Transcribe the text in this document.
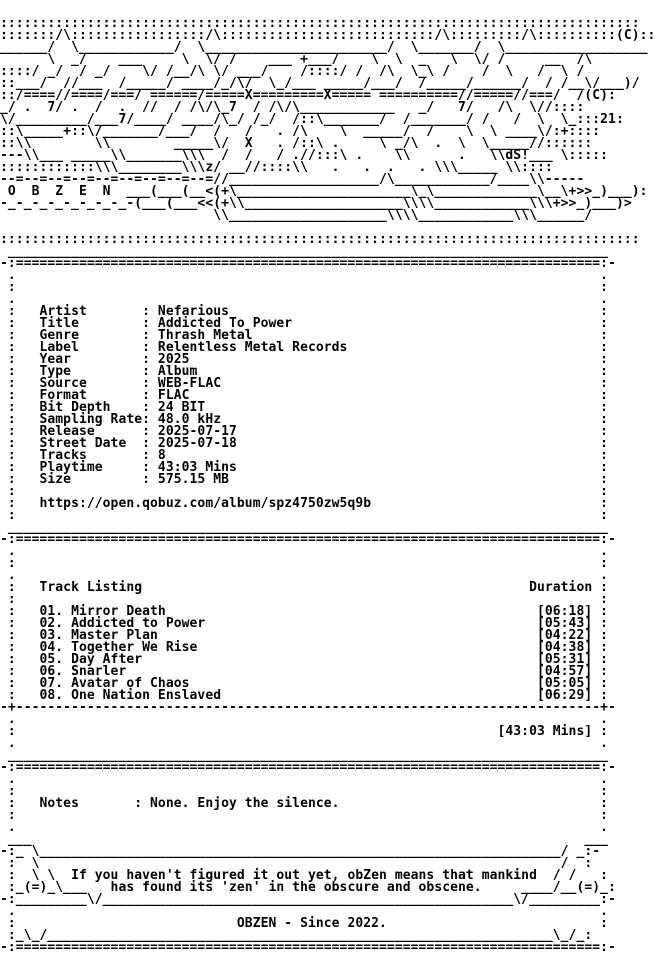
:::::::::::::::::::::::::::::::::::::::::::::::::::::::::::::::::::::::::::::::::
:::::::/\:::::::::::::::::/\:::::::::::::::::::::::::::/\:::::::::/\::::::::::(C)::
______/  \____________/  \_______________________/  \_______/  \__________________
\  _/    ___     \  \/ /    ___ +___/    \  \  _   \  \/ /     __  /\
::::/ _/  / _/    \/ /__/\ \/ ___/    /::::/ /  /\  \_\ /    /  \   /  \ /
::___/  //___  /_____/ ____/_/\/  \_/___ _____/___/  /_____/______/  / /__\/___)/
::/====//====/===/ ======/=====X=========X===== ==========//=====//===/  /(C):
_/ .  7/ .  /  .  //  / /\/\_7  / /\/\____________   _/   7/   /\  \//::::
\/_________/___7/____/ ____/\_/ /_/  /::\_______/  /_______/ /   /  \  \_:::21:
::\_____+::\/_______/___/  /   /   . /\    \  _____/  /    \  \ ____\/:+::::
::\\        \\        _____\/  X   . /::\ .     \ _/\  .  \  \_____//::::::
---\\___ _____\\_______\\\  /  /   / .//:::\ .    \\      .   \\dS!___ \:::::
::::::::::::\\\________\\\z/ __//::::\\   .   .  .   . \\\_____ \\::::
--=--=--=--=--=--=--=--=--=//___________________/\____________/____\\-----
O  B  Z  E  N  ___(___(__<(+\______________________\_\_____________\__\+>>_)___):
-_-_-_-_-_-_-_-_-(___(___<<(+\\____________________\\\\____________\\\+>>_)___)>
\\____________________\\\\____________\\\______/
:::::::::::::::::::::::::::::::::::::::::::::::::::::::::::::::::::::::::::::::::
____________________________________________________________________________
-:==========================================================================:-
.                                                                          .
:                                                                          :
.                                                                          .
:   Artist       : Nefarious                                               :
:   Title        : Addicted To Power                                       :
:   Genre        : Thrash Metal                                            :
:   Label        : Relentless Metal Records                                :
:   Year         : 2025                                                    :
:   Type         : Album                                                   :
:   Source       : WEB-FLAC                                                :
:   Format       : FLAC                                                    :
:   Bit Depth    : 24 BIT                                                  :
:   Sampling Rate: 48.0 kHz                                                :
:   Release      : 2025-07-17                                              :
:   Street Date  : 2025-07-18                                              :
:   Tracks       : 8                                                       :
:   Playtime     : 43:03 Mins                                              :
:   Size         : 575.15 MB                                               :
:                                                                          :
:   https://open.qobuz.com/album/spz4750zw5q9b                             :
:                                                                          :
____________________________________________________________________________
-:==========================================================================:-
.                                                                          .
:                                                                          :
.                                                                          .
:   Track Listing                                                 Duration :
:                                                                          :
:   01. Mirror Death                                               [06:18] :
:   02. Addicted to Power                                          [05:43] :
:   03. Master Plan                                                [04:22] :
:   04. Together We Rise                                           [04:38] :
:   05. Day After                                                  [05:31] :
:   06. Snarler                                                    [04:57] :
:   07. Avatar of Chaos                                            [05:05] :
:   08. One Nation Enslaved                                        [06:29] :
-+--------------------------------------------------------------------------+-
.                                                                          .
:                                                             [43:03 Mins] :
.                                                                          .
____________________________________________________________________________
-:==========================================================================:-
.                                                                          .
:                                                                          :
:   Notes       : None. Enjoy the silence.                                 :
:                                                                          :
.                                                                          .
___                                                                      ___
-:_ \__________________________________________________________________/ _:-
:  \                                                                  /  :
:  \ \  If you haven't figured it out yet, obZen means that mankind  / /   :
:_(=)_\___   has found its 'zen' in the obscure and obscene.     ____/__(=)_:
-:_________\/____________________________________________________\/_________:-
.                                                                          .
:                            OBZEN - Since 2022.                           :
:_\_/________________________________________________________________\_/_:
-:==========================================================================:-
